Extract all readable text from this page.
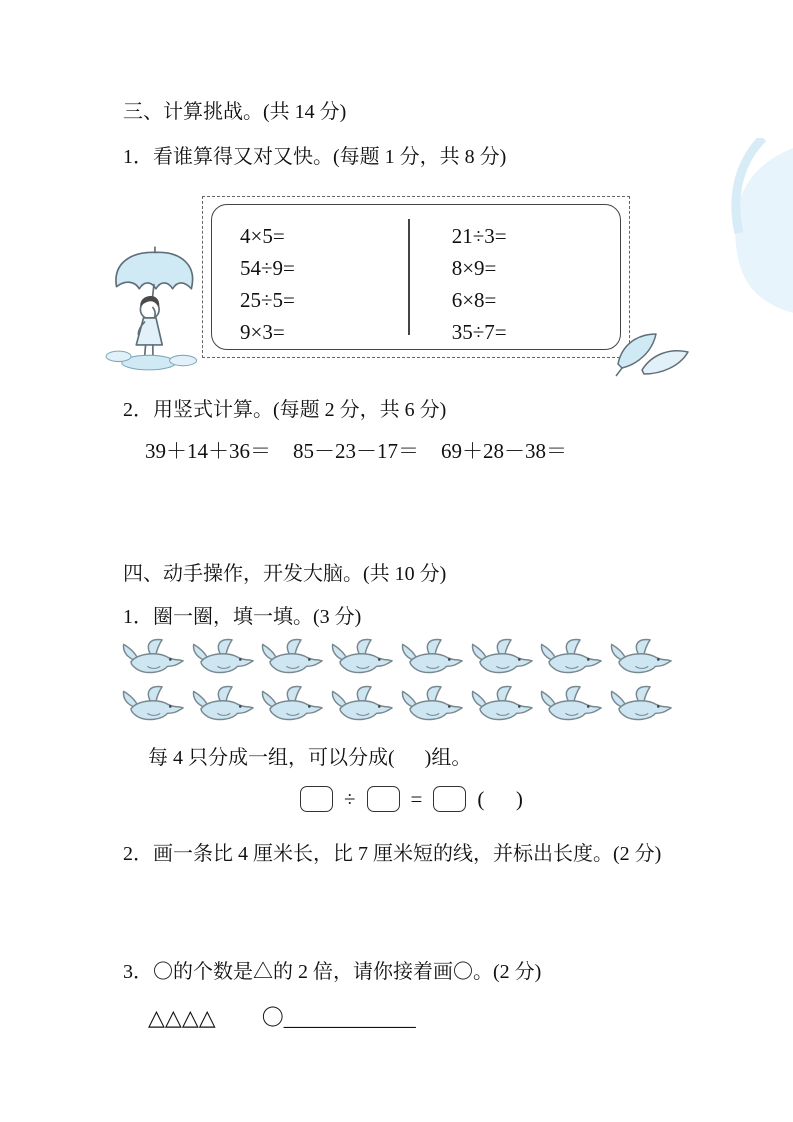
三、计算挑战。(共 14 分)
1．看谁算得又对又快。(每题 1 分，共 8 分)
4×5=
54÷9=
25÷5=
9×3=
21÷3=
8×9=
6×8=
35÷7=
2．用竖式计算。(每题 2 分，共 6 分)
39＋14＋36＝ 85－23－17＝ 69＋28－38＝
四、动手操作，开发大脑。(共 10 分)
1．圈一圈，填一填。(3 分)
每 4 只分成一组，可以分成(      )组。
÷	=	(      )
2．画一条比 4 厘米长，比 7 厘米短的线，并标出长度。(2 分)
3．〇的个数是△的 2 倍，请你接着画〇。(2 分)
△△△△ 〇____________
